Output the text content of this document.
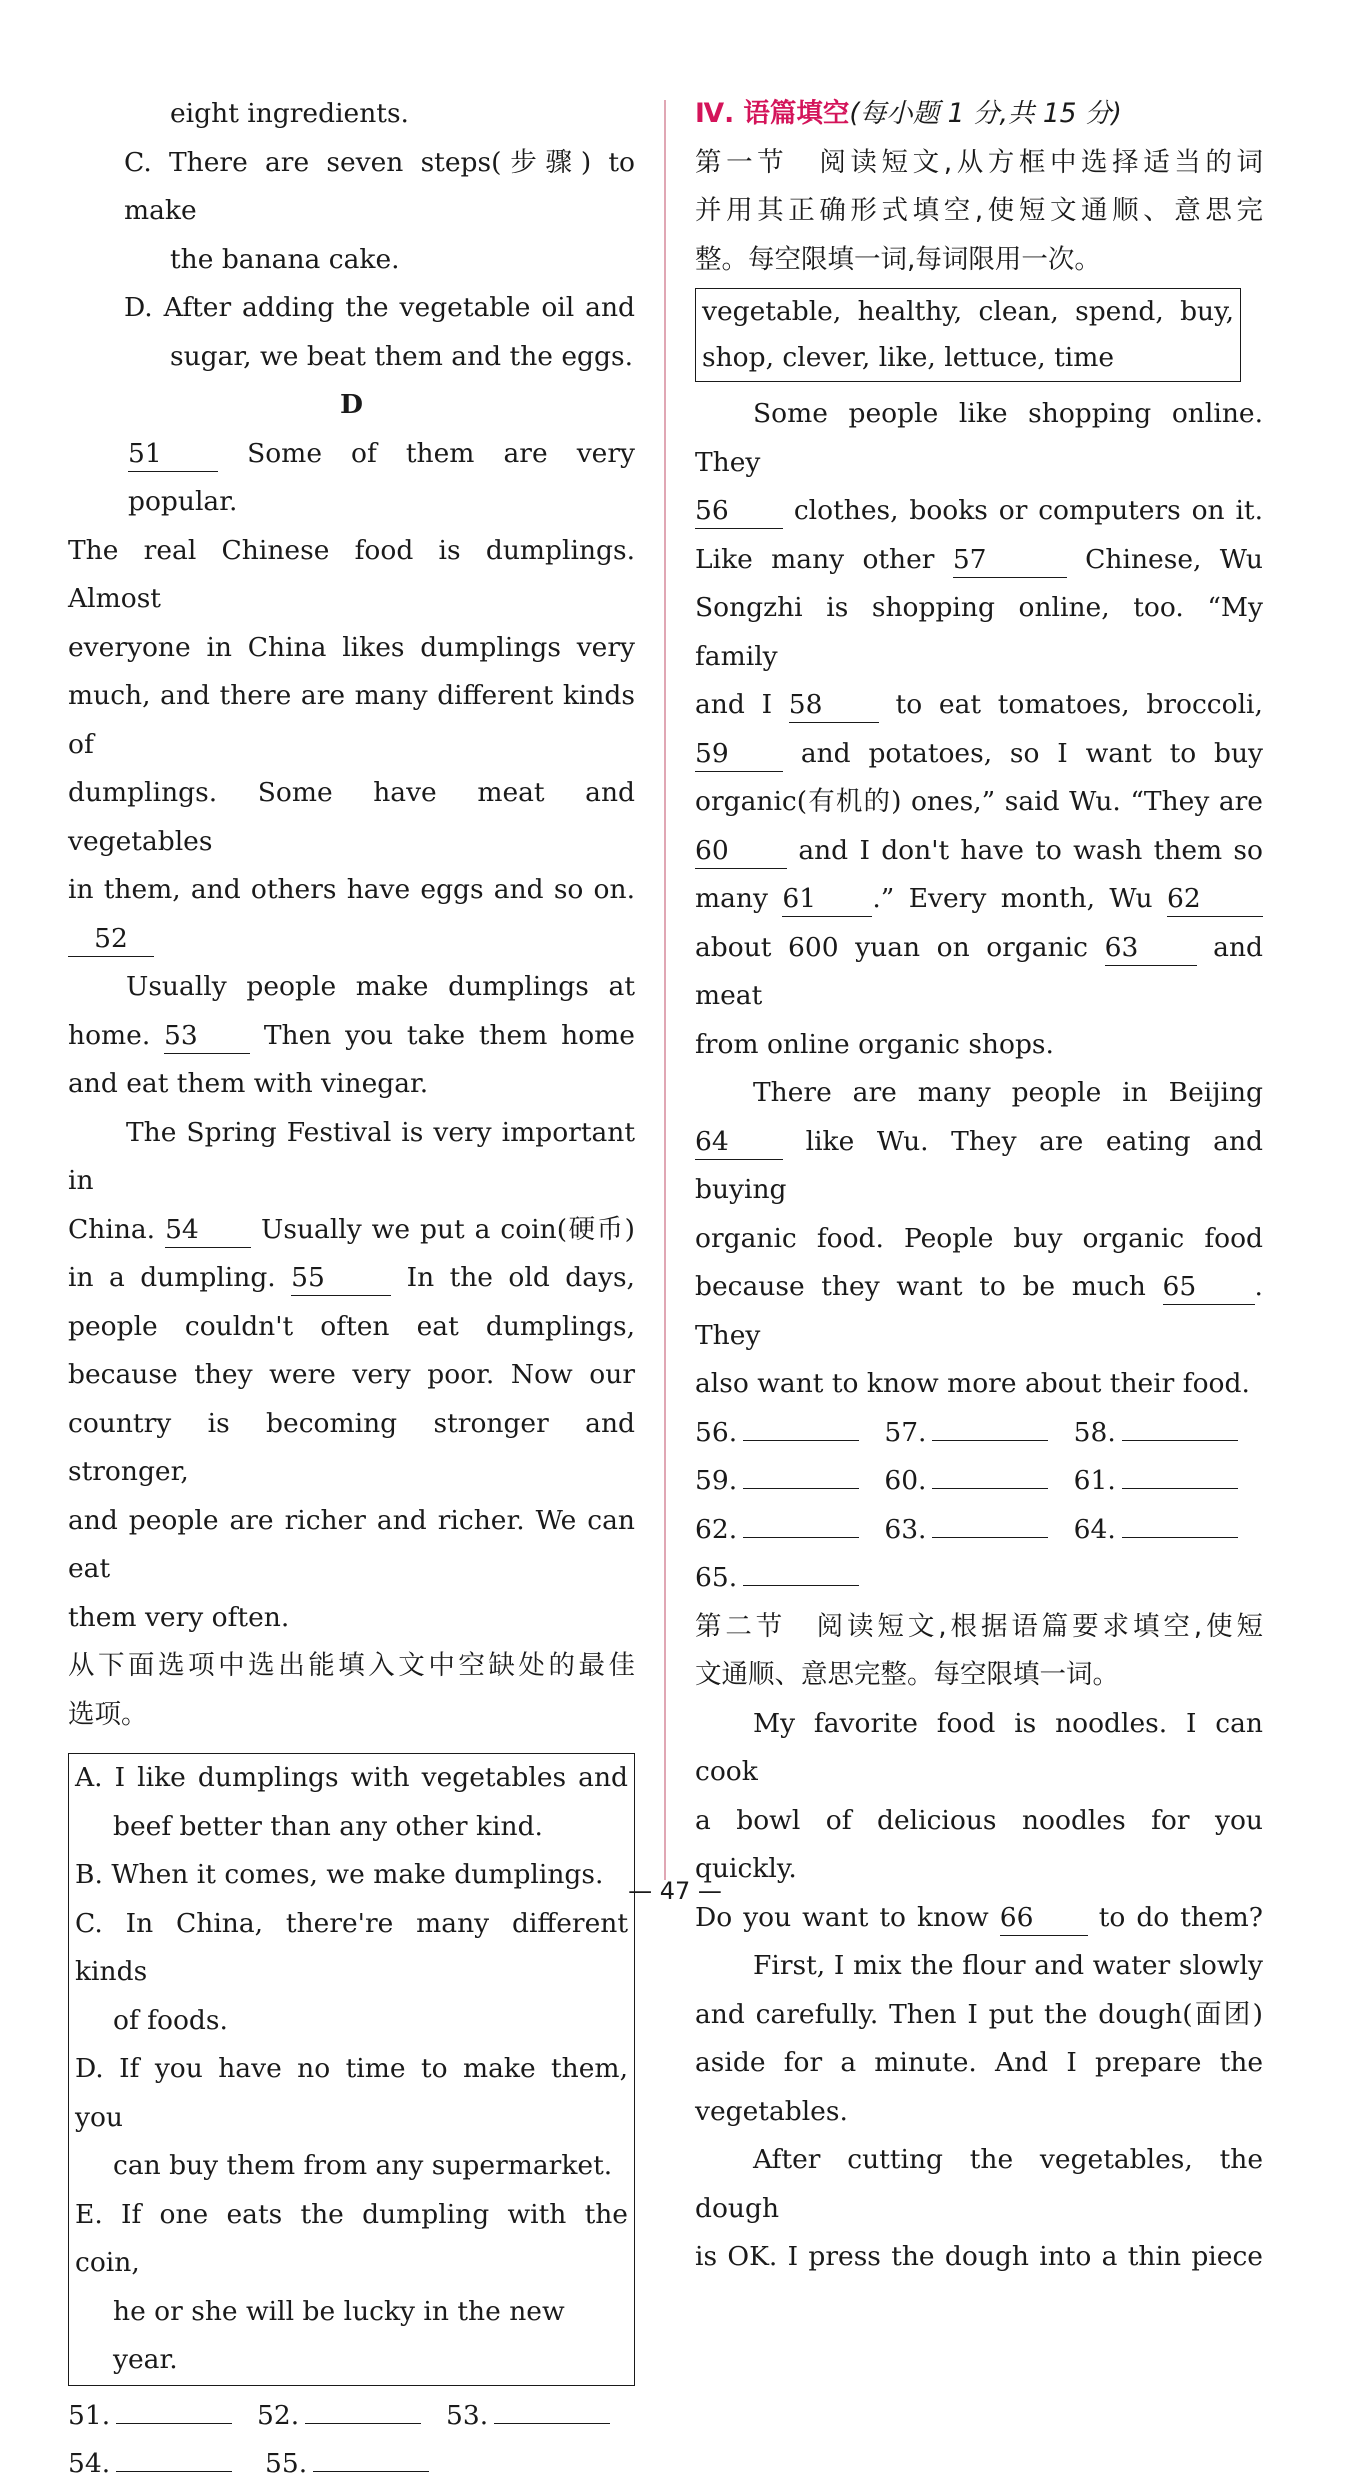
eight ingredients.
C. There are seven steps(步骤) to make
the banana cake.
D. After adding the vegetable oil and
sugar, we beat them and the eggs.
D
51	Some of them are very popular.
The real Chinese food is dumplings. Almost
everyone in China likes dumplings very
much, and there are many different kinds of
dumplings. Some have meat and vegetables
in them, and others have eggs and so on.
52
Usually people make dumplings at
home. 53 Then you take them home
and eat them with vinegar.
The Spring Festival is very important in
China. 54 Usually we put a coin(硬币)
in a dumpling. 55	In the old days,
people couldn't often eat dumplings,
because they were very poor. Now our
country is becoming stronger and stronger,
and people are richer and richer. We can eat
them very often.
从下面选项中选出能填入文中空缺处的最佳
选项。
A. I like dumplings with vegetables and
beef better than any other kind.
B. When it comes, we make dumplings.
C. In China, there're many different kinds
of foods.
D. If you have no time to make them, you
can buy them from any supermarket.
E. If one eats the dumpling with the coin,
he or she will be lucky in the new year.
51.	52.	53.
54.	55.
Ⅳ. 语篇填空(每小题 1 分,共 15 分)
第一节　阅读短文,从方框中选择适当的词
并用其正确形式填空,使短文通顺、意思完
整。每空限填一词,每词限用一次。
vegetable, healthy, clean, spend, buy,
shop, clever, like, lettuce, time
Some people like shopping online. They
56 clothes, books or computers on it.
Like many other 57	Chinese, Wu
Songzhi is shopping online, too. “My family
and I 58	to eat tomatoes, broccoli,
59	and potatoes, so I want to buy
organic(有机的) ones,” said Wu. “They are
60	and I don't have to wash them so
many 61 .” Every month, Wu 62
about 600 yuan on organic 63	and meat
from online organic shops.
There are many people in Beijing
64	like Wu. They are eating and buying
organic food. People buy organic food
because they want to be much 65 . They
also want to know more about their food.
56.	57.	58.
59.	60.	61.
62.	63.	64.
65.
第二节　阅读短文,根据语篇要求填空,使短
文通顺、意思完整。每空限填一词。
My favorite food is noodles. I can cook
a bowl of delicious noodles for you quickly.
Do you want to know 66 to do them?
First, I mix the flour and water slowly
and carefully. Then I put the dough(面团)
aside for a minute. And I prepare the
vegetables.
After cutting the vegetables, the dough
is OK. I press the dough into a thin piece
— 47 —
